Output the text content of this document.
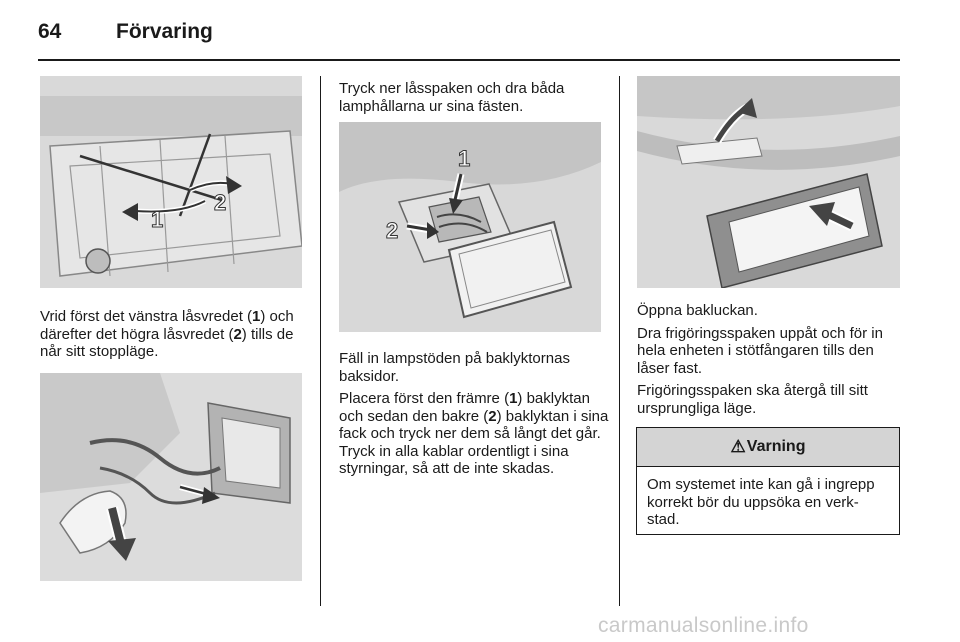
64	Förvaring
1
2

Vrid först det vänstra låsvredet (1) och därefter det högra låsvredet (2) tills de når sitt stoppläge.

Tryck ner låsspaken och dra båda lamphållarna ur sina fästen.

1
2

Fäll in lampstöden på baklyktornas baksidor.

Placera först den främre (1) baklyktan och sedan den bakre (2) baklyktan i sina fack och tryck ner dem så långt det går. Tryck in alla kablar ordentligt i sina styrningar, så att de inte skadas.

Öppna bakluckan.

Dra frigöringsspaken uppåt och för in hela enheten i stötfångaren tills den låser fast.

Frigöringsspaken ska återgå till sitt ursprungliga läge.

⚠ Varning
Om systemet inte kan gå i ingrepp korrekt bör du uppsöka en verk-stad.
carmanualsonline.info
